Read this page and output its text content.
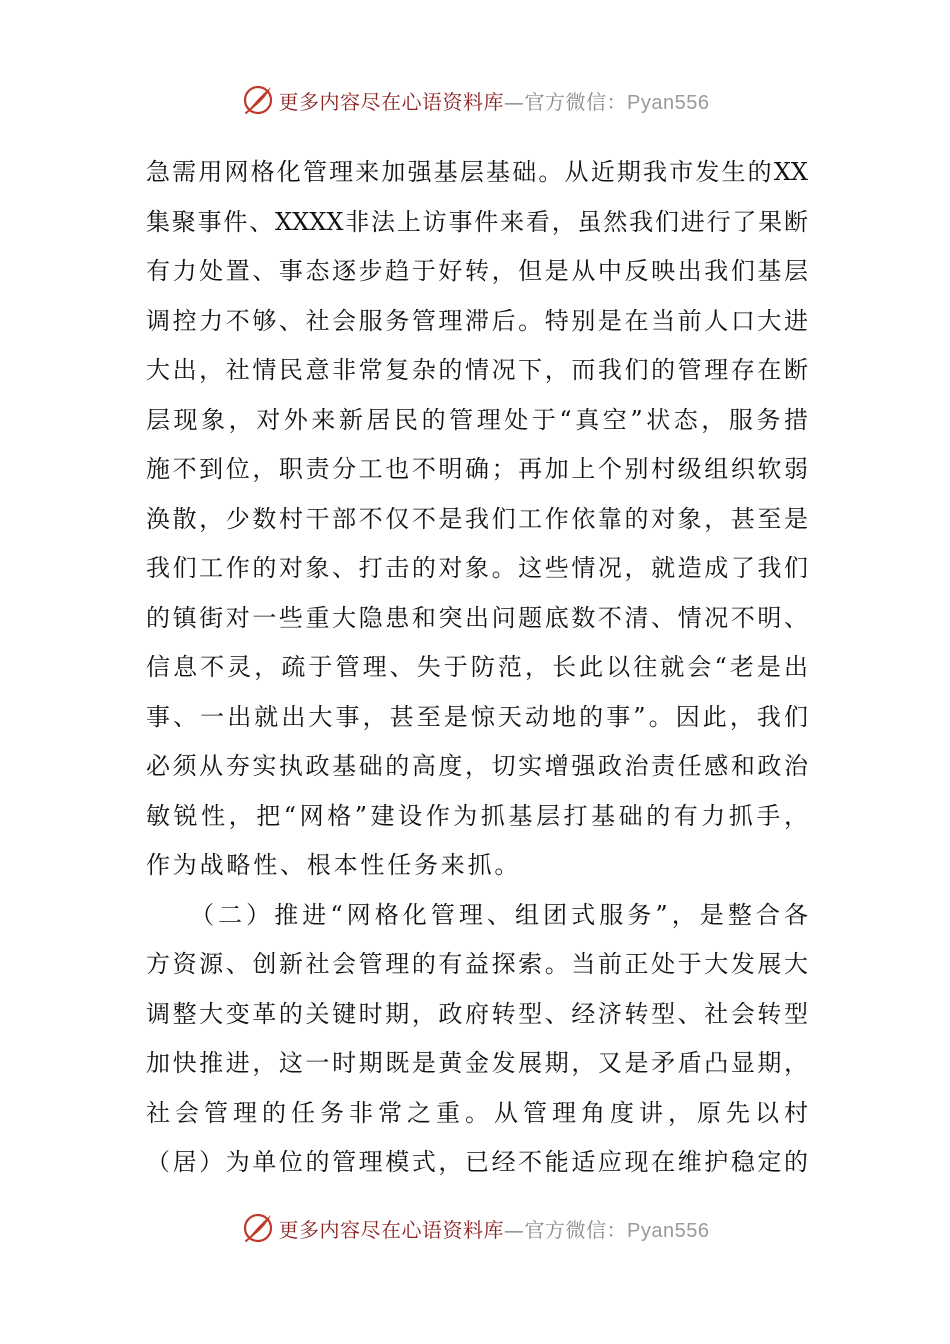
更多内容尽在心语资料库—官方微信：Pyan556
急需用网格化管理来加强基层基础。从近期我市发生的XX
集聚事件、XXXX非法上访事件来看，虽然我们进行了果断
有力处置、事态逐步趋于好转，但是从中反映出我们基层
调控力不够、社会服务管理滞后。特别是在当前人口大进
大出，社情民意非常复杂的情况下，而我们的管理存在断
层现象，对外来新居民的管理处于“真空”状态，服务措
施不到位，职责分工也不明确；再加上个别村级组织软弱
涣散，少数村干部不仅不是我们工作依靠的对象，甚至是
我们工作的对象、打击的对象。这些情况，就造成了我们
的镇街对一些重大隐患和突出问题底数不清、情况不明、
信息不灵，疏于管理、失于防范，长此以往就会“老是出
事、一出就出大事，甚至是惊天动地的事”。因此，我们
必须从夯实执政基础的高度，切实增强政治责任感和政治
敏锐性，把“网格”建设作为抓基层打基础的有力抓手，
作为战略性、根本性任务来抓。
（二）推进“网格化管理、组团式服务”，是整合各
方资源、创新社会管理的有益探索。当前正处于大发展大
调整大变革的关键时期，政府转型、经济转型、社会转型
加快推进，这一时期既是黄金发展期，又是矛盾凸显期，
社会管理的任务非常之重。从管理角度讲，原先以村
（居）为单位的管理模式，已经不能适应现在维护稳定的
更多内容尽在心语资料库—官方微信：Pyan556
